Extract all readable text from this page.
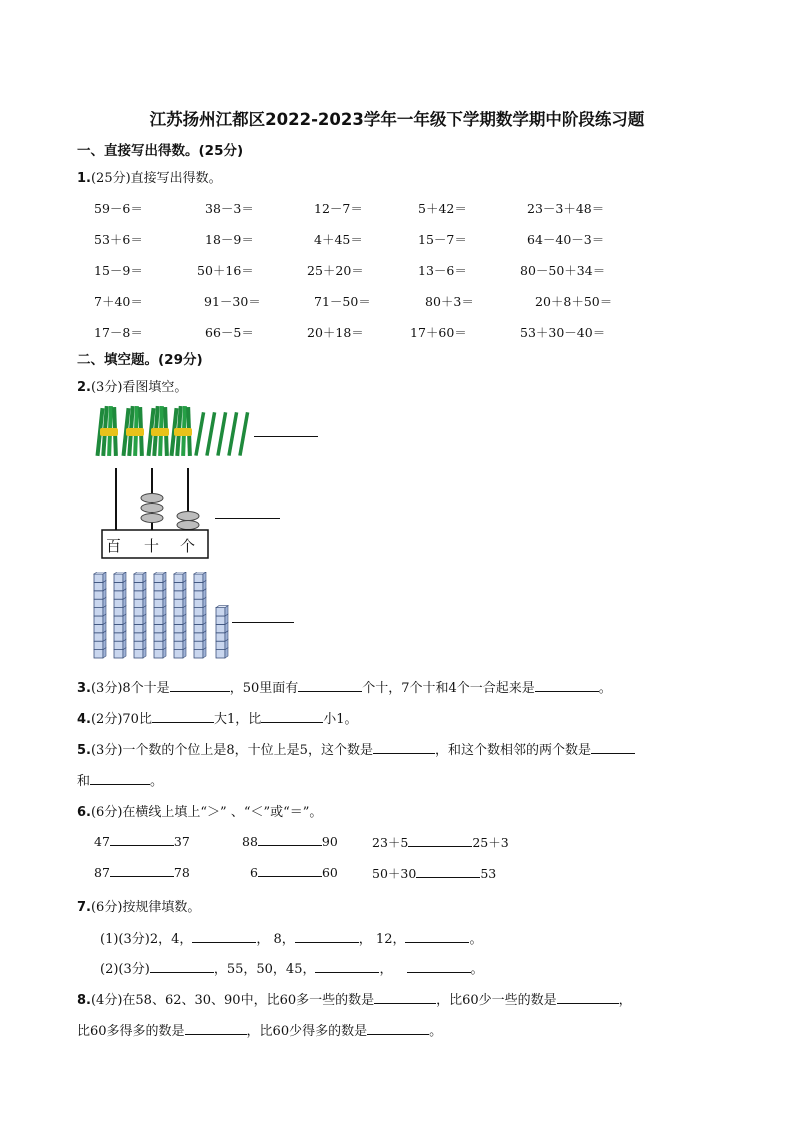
江苏扬州江都区2022-2023学年一年级下学期数学期中阶段练习题
一、直接写出得数。(25分)
1.(25分)直接写出得数。
59－6＝	38－3＝	12－7＝	5＋42＝	23－3＋48＝
53＋6＝	18－9＝	4＋45＝	15－7＝	64－40－3＝
15－9＝	50＋16＝	25＋20＝	13－6＝	80－50＋34＝
7＋40＝	91－30＝	71－50＝	80＋3＝	20＋8＋50＝
17－8＝	66－5＝	20＋18＝	17＋60＝	53＋30－40＝
二、填空题。(29分)
2.(3分)看图填空。
百 十 个
3.(3分)8个十是	，50里面有	个十，7个十和4个一合起来是	。
4.(2分)70比	大1，比	小1。
5.(3分)一个数的个位上是8，十位上是5，这个数是	，和这个数相邻的两个数是
和	。
6.(6分)在横线上填上“＞” 、“＜”或“＝”。
47	37	88	90	23＋5	25＋3
87	78	6	60	50＋30	53
7.(6分)按规律填数。
(1)(3分)2，4，	， 8，	， 12，	。
(2)(3分)	，55，50，45，	，	。
8.(4分)在58、62、30、90中，比60多一些的数是	，比60少一些的数是	，
比60多得多的数是	，比60少得多的数是	。
